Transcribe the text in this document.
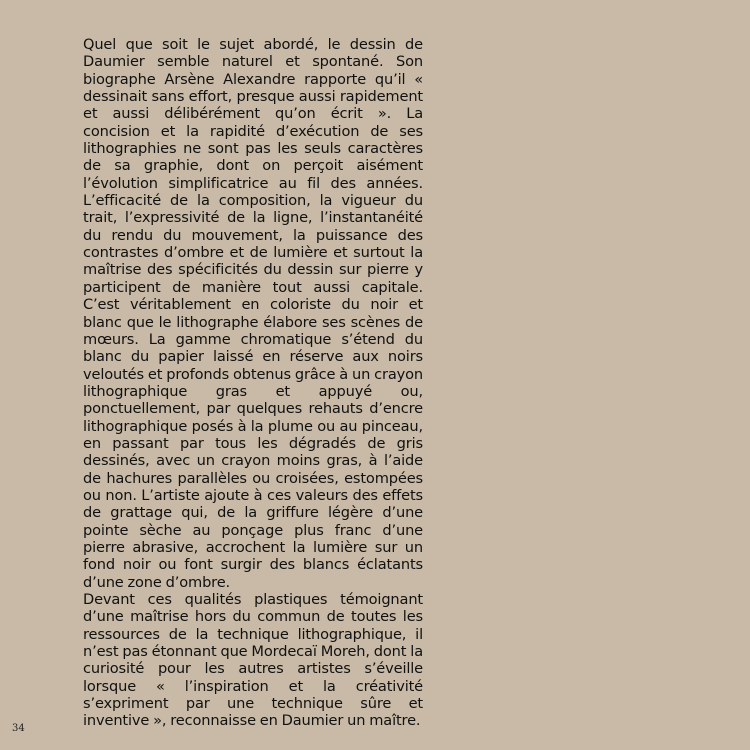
Quel que soit le sujet abordé, le dessin de Daumier semble naturel et spontané. Son biographe Arsène Alexandre rapporte qu’il « dessinait sans effort, presque aussi rapidement et aussi délibérément qu’on écrit ». La concision et la rapidité d’exécution de ses lithographies ne sont pas les seuls caractères de sa graphie, dont on perçoit aisément l’évolution simplificatrice au fil des années. L’efficacité de la composition, la vigueur du trait, l’expressivité de la ligne, l’instantanéité du rendu du mouvement, la puissance des contrastes d’ombre et de lumière et surtout la maîtrise des spécificités du dessin sur pierre y participent de manière tout aussi capitale. C’est véritablement en coloriste du noir et blanc que le lithographe élabore ses scènes de mœurs. La gamme chromatique s’étend du blanc du papier laissé en réserve aux noirs veloutés et profonds obtenus grâce à un crayon lithographique gras et appuyé ou, ponctuellement, par quelques rehauts d’encre lithographique posés à la plume ou au pinceau, en passant par tous les dégradés de gris dessinés, avec un crayon moins gras, à l’aide de hachures parallèles ou croisées, estompées ou non. L’artiste ajoute à ces valeurs des effets de grattage qui, de la griffure légère d’une pointe sèche au ponçage plus franc d’une pierre abrasive, accrochent la lumière sur un fond noir ou font surgir des blancs éclatants d’une zone d’ombre.

Devant ces qualités plastiques témoignant d’une maîtrise hors du commun de toutes les ressources de la technique lithographique, il n’est pas étonnant que Mordecaï Moreh, dont la curiosité pour les autres artistes s’éveille lorsque « l’inspiration et la créativité s’expriment par une technique sûre et inventive », reconnaisse en Daumier un maître.

34
